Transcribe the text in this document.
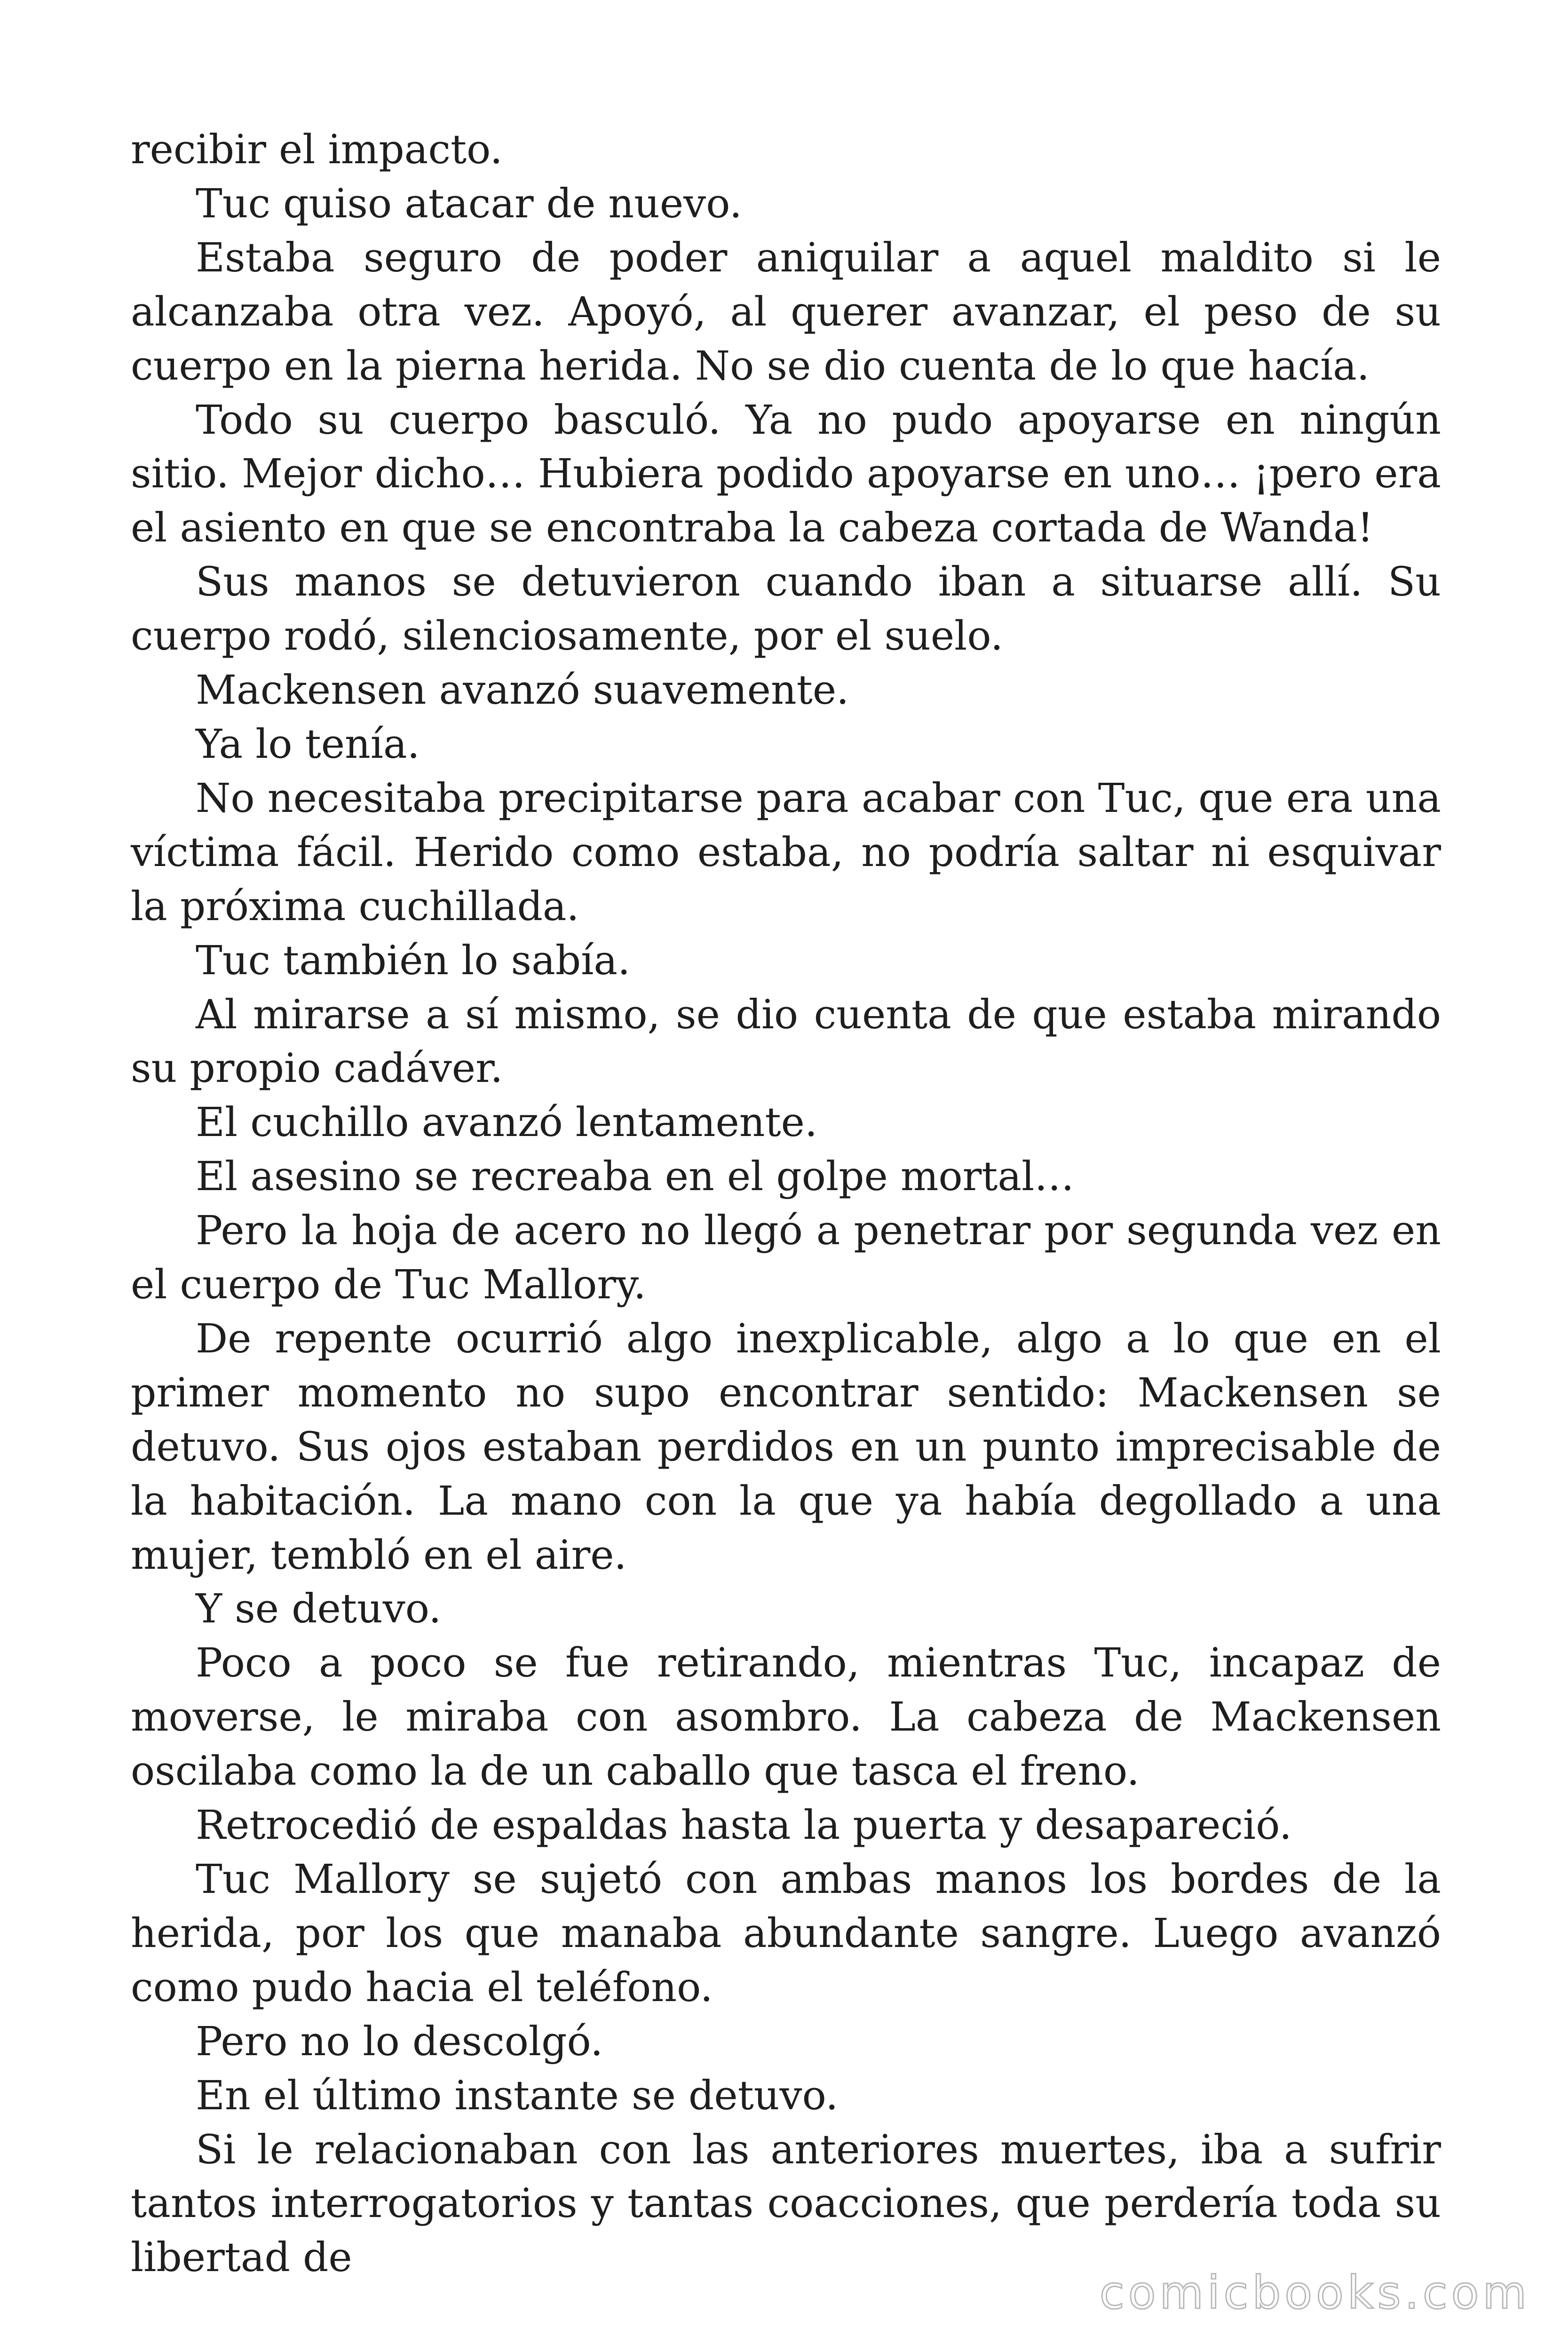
recibir el impacto.

Tuc quiso atacar de nuevo.

Estaba seguro de poder aniquilar a aquel maldito si le alcanzaba otra vez. Apoyó, al querer avanzar, el peso de su cuerpo en la pierna herida. No se dio cuenta de lo que hacía.

Todo su cuerpo basculó. Ya no pudo apoyarse en ningún sitio. Mejor dicho… Hubiera podido apoyarse en uno… ¡pero era el asiento en que se encontraba la cabeza cortada de Wanda!

Sus manos se detuvieron cuando iban a situarse allí. Su cuerpo rodó, silenciosamente, por el suelo.

Mackensen avanzó suavemente.

Ya lo tenía.

No necesitaba precipitarse para acabar con Tuc, que era una víctima fácil. Herido como estaba, no podría saltar ni esquivar la próxima cuchillada.

Tuc también lo sabía.

Al mirarse a sí mismo, se dio cuenta de que estaba mirando su propio cadáver.

El cuchillo avanzó lentamente.

El asesino se recreaba en el golpe mortal…

Pero la hoja de acero no llegó a penetrar por segunda vez en el cuerpo de Tuc Mallory.

De repente ocurrió algo inexplicable, algo a lo que en el primer momento no supo encontrar sentido: Mackensen se detuvo. Sus ojos estaban perdidos en un punto imprecisable de la habitación. La mano con la que ya había degollado a una mujer, tembló en el aire.

Y se detuvo.

Poco a poco se fue retirando, mientras Tuc, incapaz de moverse, le miraba con asombro. La cabeza de Mackensen oscilaba como la de un caballo que tasca el freno.

Retrocedió de espaldas hasta la puerta y desapareció.

Tuc Mallory se sujetó con ambas manos los bordes de la herida, por los que manaba abundante sangre. Luego avanzó como pudo hacia el teléfono.

Pero no lo descolgó.

En el último instante se detuvo.

Si le relacionaban con las anteriores muertes, iba a sufrir tantos interrogatorios y tantas coacciones, que perdería toda su libertad de

comicbooks.com
